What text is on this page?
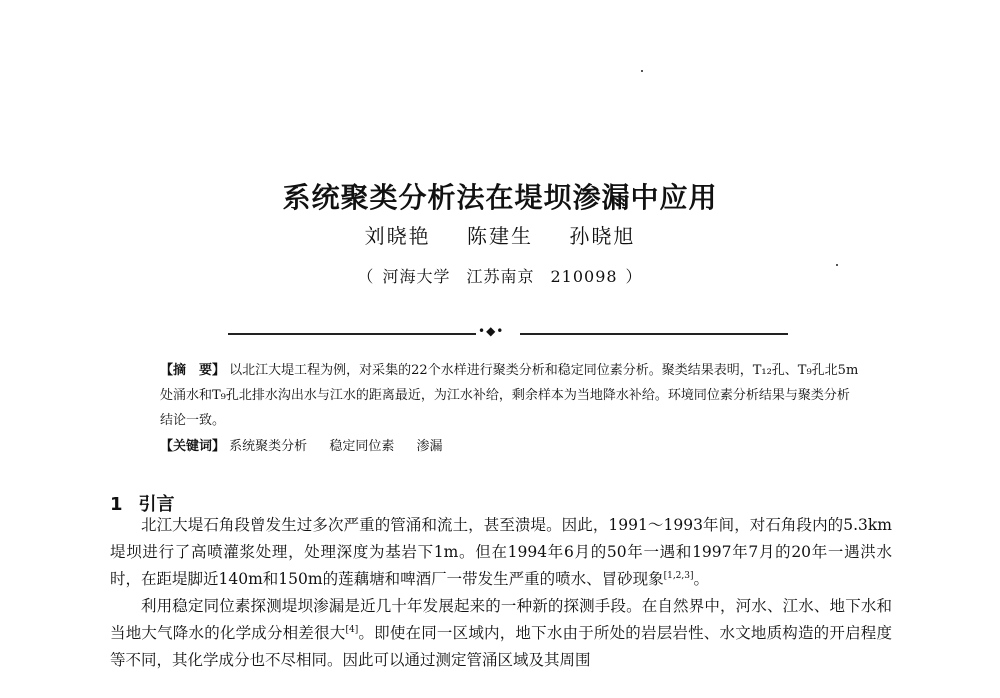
系统聚类分析法在堤坝渗漏中应用
刘晓艳 陈建生 孙晓旭
（ 河海大学 江苏南京 210098 ）
•◆•
【摘　要】 以北江大堤工程为例，对采集的22个水样进行聚类分析和稳定同位素分析。聚类结果表明，T₁₂孔、T₉孔北5m处涌水和T₉孔北排水沟出水与江水的距离最近，为江水补给，剩余样本为当地降水补给。环境同位素分析结果与聚类分析结论一致。
【关键词】 系统聚类分析 稳定同位素 渗漏
1 引言

北江大堤石角段曾发生过多次严重的管涌和流土，甚至溃堤。因此，1991～1993年间，对石角段内的5.3km堤坝进行了高喷灌浆处理，处理深度为基岩下1m。但在1994年6月的50年一遇和1997年7月的20年一遇洪水时，在距堤脚近140m和150m的莲藕塘和啤酒厂一带发生严重的喷水、冒砂现象[1,2,3]。

利用稳定同位素探测堤坝渗漏是近几十年发展起来的一种新的探测手段。在自然界中，河水、江水、地下水和当地大气降水的化学成分相差很大[4]。即使在同一区域内，地下水由于所处的岩层岩性、水文地质构造的开启程度等不同，其化学成分也不尽相同。因此可以通过测定管涌区域及其周围
